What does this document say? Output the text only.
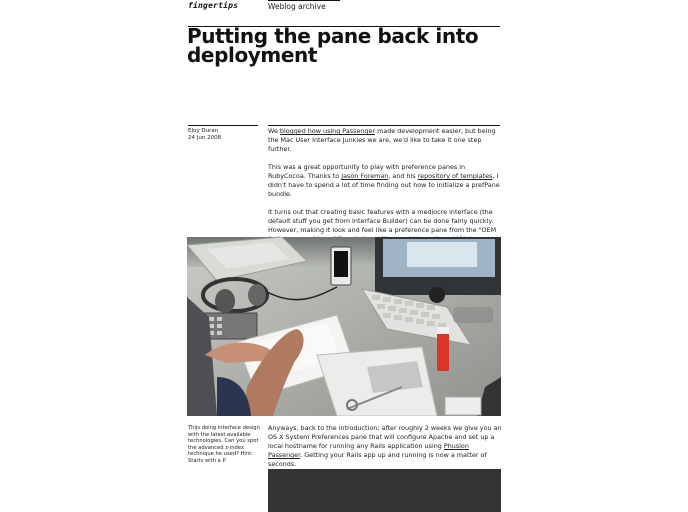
fingertips	Weblog archive
Putting the pane back into deployment
Eloy Duran
24 Jun 2008

We blogged how using Passenger made development easier, but being the Mac User Interface Junkies we are, we'd like to take it one step further.

This was a great opportunity to play with preference panes in RubyCocoa. Thanks to Jason Foreman, and his repository of templates, I didn't have to spend a lot of time finding out how to initialize a prefPane bundle.

It turns out that creating basic features with a mediocre interface (the default stuff you get from Interface Builder) can be done fairly quickly. However, making it look and feel like a preference pane from the "OEM

Thijs doing interface design with the latest available technologies. Can you spot the advanced z-index technique he used? Hint: Starts with a P.

Anyways, back to the introduction; after roughly 2 weeks we give you an OS X System Preferences pane that will configure Apache and set up a local hostname for running any Rails application using Phusion Passenger. Getting your Rails app up and running is now a matter of seconds.
